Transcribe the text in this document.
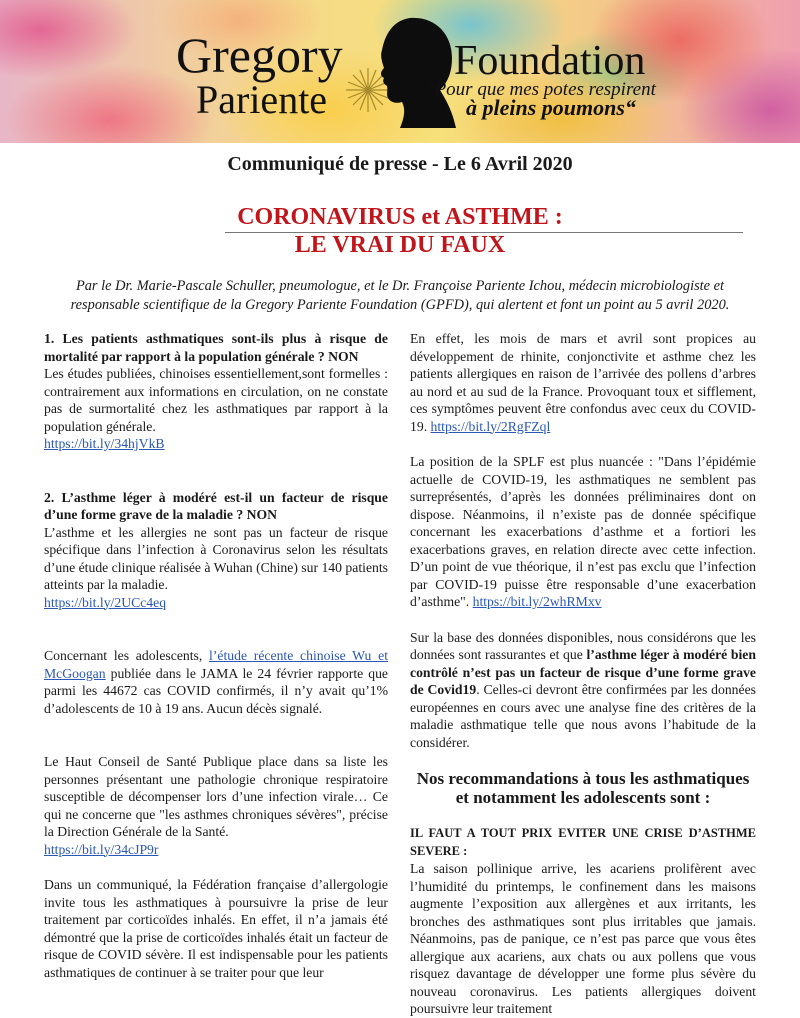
Gregory
Pariente
Foundation
“Pour que mes potes respirent
à pleins poumons“
Communiqué de presse - Le 6 Avril 2020
CORONAVIRUS et ASTHME :
LE VRAI DU FAUX
Par le Dr. Marie-Pascale Schuller, pneumologue, et le Dr. Françoise Pariente Ichou, médecin microbiologiste et responsable scientifique de la Gregory Pariente Foundation (GPFD), qui alertent et font un point au 5 avril 2020.

1. Les patients asthmatiques sont-ils plus à risque de mortalité par rapport à la population générale ? NON

Les études publiées, chinoises essentiellement,sont formelles : contrairement aux informations en circulation, on ne constate pas de surmortalité chez les asthmatiques par rapport à la population générale.

https://bit.ly/34hjVkB

2. L’asthme léger à modéré est-il un facteur de risque d’une forme grave de la maladie ? NON

L’asthme et les allergies ne sont pas un facteur de risque spécifique dans l’infection à Coronavirus selon les résultats d’une étude clinique réalisée à Wuhan (Chine) sur 140 patients atteints par la maladie.

https://bit.ly/2UCc4eq

Concernant les adolescents, l’étude récente chinoise Wu et McGoogan publiée dans le JAMA le 24 février rapporte que parmi les 44672 cas COVID confirmés, il n’y avait qu’1% d’adolescents de 10 à 19 ans. Aucun décès signalé.

Le Haut Conseil de Santé Publique place dans sa liste les personnes présentant une pathologie chronique respiratoire susceptible de décompenser lors d’une infection virale… Ce qui ne concerne que "les asthmes chroniques sévères", précise la Direction Générale de la Santé.

https://bit.ly/34cJP9r

Dans un communiqué, la Fédération française d’allergologie invite tous les asthmatiques à poursuivre la prise de leur traitement par corticoïdes inhalés. En effet, il n’a jamais été démontré que la prise de corticoïdes inhalés était un facteur de risque de COVID sévère. Il est indispensable pour les patients asthmatiques de continuer à se traiter pour que leur

En effet, les mois de mars et avril sont propices au développement de rhinite, conjonctivite et asthme chez les patients allergiques en raison de l’arrivée des pollens d’arbres au nord et au sud de la France. Provoquant toux et sifflement, ces symptômes peuvent être confondus avec ceux du COVID-19. https://bit.ly/2RgFZql

La position de la SPLF est plus nuancée : "Dans l’épidémie actuelle de COVID-19, les asthmatiques ne semblent pas surreprésentés, d’après les données préliminaires dont on dispose. Néanmoins, il n’existe pas de donnée spécifique concernant les exacerbations d’asthme et a fortiori les exacerbations graves, en relation directe avec cette infection. D’un point de vue théorique, il n’est pas exclu que l’infection par COVID-19 puisse être responsable d’une exacerbation d’asthme". https://bit.ly/2whRMxv

Sur la base des données disponibles, nous considérons que les données sont rassurantes et que l’asthme léger à modéré bien contrôlé n’est pas un facteur de risque d’une forme grave de Covid19. Celles-ci devront être confirmées par les données européennes en cours avec une analyse fine des critères de la maladie asthmatique telle que nous avons l’habitude de la considérer.

Nos recommandations à tous les asthmatiques et notamment les adolescents sont :

IL FAUT A TOUT PRIX EVITER UNE CRISE D’ASTHME SEVERE :

La saison pollinique arrive, les acariens prolifèrent avec l’humidité du printemps, le confinement dans les maisons augmente l’exposition aux allergènes et aux irritants, les bronches des asthmatiques sont plus irritables que jamais. Néanmoins, pas de panique, ce n’est pas parce que vous êtes allergique aux acariens, aux chats ou aux pollens que vous risquez davantage de développer une forme plus sévère du nouveau coronavirus. Les patients allergiques doivent poursuivre leur traitement
